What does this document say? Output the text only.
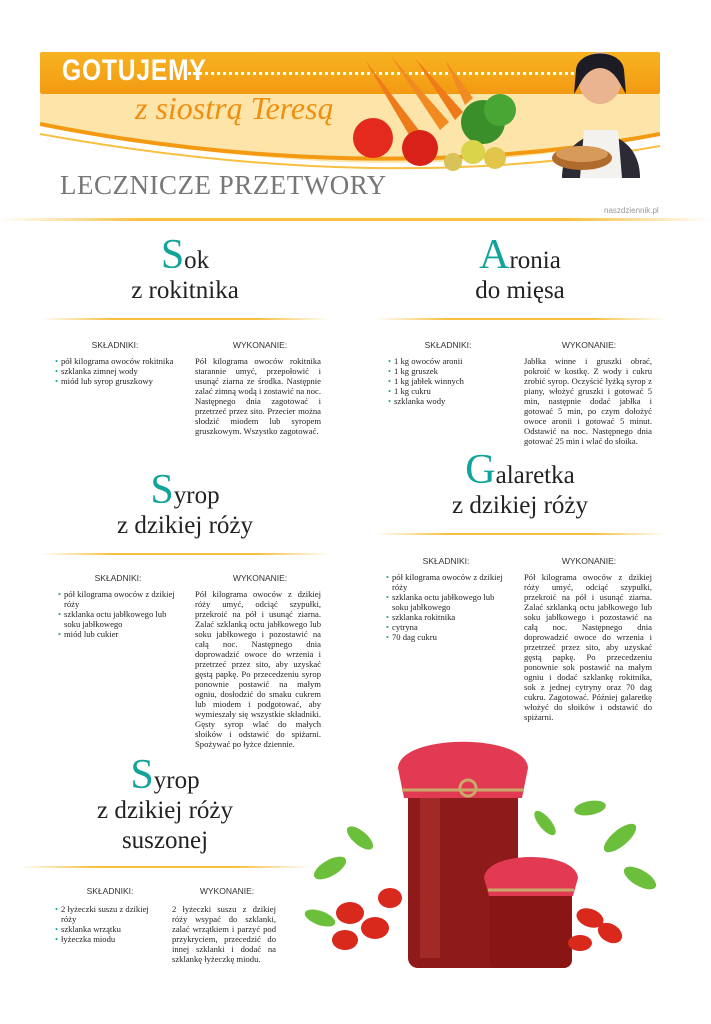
GOTUJEMY
z siostrą Teresą
LECZNICZE PRZETWORY
naszdziennik.pl
Sok
z rokitnika
SKŁADNIKI:	WYKONANIE:
• pół kilograma owoców rokitnika
• szklanka zimnej wody
• miód lub syrop gruszkowy
Pół kilograma owoców rokitnika starannie umyć, przepołowić i usunąć ziarna ze środka. Następnie zalać zimną wodą i zostawić na noc. Następnego dnia zagotować i przetrzeć przez sito. Przecier można słodzić miodem lub syropem gruszkowym. Wszystko zagotować.
Aronia
do mięsa
SKŁADNIKI:	WYKONANIE:
• 1 kg owoców aronii
• 1 kg gruszek
• 1 kg jabłek winnych
• 1 kg cukru
• szklanka wody
Jabłka winne i gruszki obrać, pokroić w kostkę. Z wody i cukru zrobić syrop. Oczyścić łyżką syrop z piany, włożyć gruszki i gotować 5 min, następnie dodać jabłka i gotować 5 min, po czym dołożyć owoce aronii i gotować 5 minut. Odstawić na noc. Następnego dnia gotować 25 min i wlać do słoika.
Syrop
z dzikiej róży
SKŁADNIKI:	WYKONANIE:
• pół kilograma owoców z dzikiej róży
• szklanka octu jabłkowego lub soku jabłkowego
• miód lub cukier
Pół kilograma owoców z dzikiej róży umyć, odciąć szypułki, przekroić na pół i usunąć ziarna. Zalać szklanką octu jabłkowego lub soku jabłkowego i pozostawić na całą noc. Następnego dnia doprowadzić owoce do wrzenia i przetrzeć przez sito, aby uzyskać gęstą papkę. Po przecedzeniu syrop ponownie postawić na małym ogniu, dosłodzić do smaku cukrem lub miodem i podgotować, aby wymieszały się wszystkie składniki. Gęsty syrop wlać do małych słoików i odstawić do spiżarni. Spożywać po łyżce dziennie.
Galaretka
z dzikiej róży
SKŁADNIKI:	WYKONANIE:
• pół kilograma owoców z dzikiej róży
• szklanka octu jabłkowego lub soku jabłkowego
• szklanka rokitnika
• cytryna
• 70 dag cukru
Pół kilograma owoców z dzikiej róży umyć, odciąć szypułki, przekroić na pół i usunąć ziarna. Zalać szklanką octu jabłkowego lub soku jabłkowego i pozostawić na całą noc. Następnego dnia doprowadzić owoce do wrzenia i przetrzeć przez sito, aby uzyskać gęstą papkę. Po przecedzeniu ponownie sok postawić na małym ogniu i dodać szklankę rokitnika, sok z jednej cytryny oraz 70 dag cukru. Zagotować. Później galaretkę włożyć do słoików i odstawić do spiżarni.
Syrop
z dzikiej róży
suszonej
SKŁADNIKI:	WYKONANIE:
• 2 łyżeczki suszu z dzikiej róży
• szklanka wrzątku
• łyżeczka miodu
2 łyżeczki suszu z dzikiej róży wsypać do szklanki, zalać wrzątkiem i parzyć pod przykryciem, przecedzić do innej szklanki i dodać na szklankę łyżeczkę miodu.
